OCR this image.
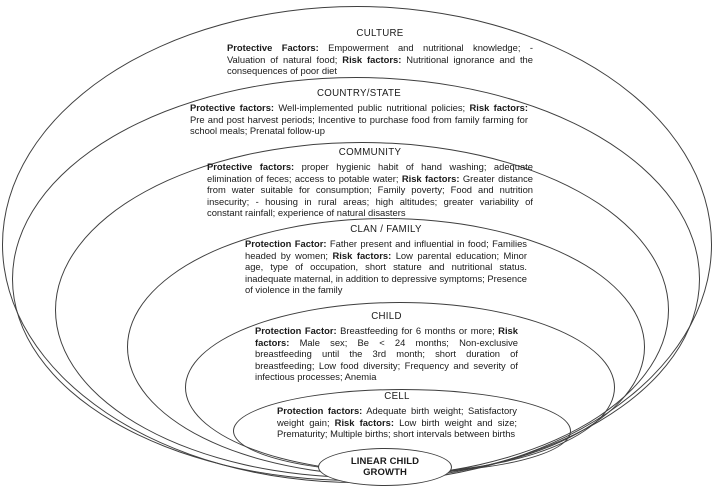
CULTURE
Protective Factors: Empowerment and nutritional knowledge; - Valuation of natural food; Risk factors: Nutritional ignorance and the consequences of poor diet
COUNTRY/STATE
Protective factors: Well-implemented public nutritional policies; Risk factors: Pre and post harvest periods; Incentive to purchase food from family farming for school meals; Prenatal follow-up
COMMUNITY
Protective factors: proper hygienic habit of hand washing; adequate elimination of feces; access to potable water; Risk factors: Greater distance from water suitable for consumption; Family poverty; Food and nutrition insecurity; - housing in rural areas; high altitudes; greater variability of constant rainfall; experience of natural disasters
CLAN / FAMILY
Protection Factor: Father present and influential in food; Families headed by women; Risk factors: Low parental education; Minor age, type of occupation, short stature and nutritional status. inadequate maternal, in addition to depressive symptoms; Presence of violence in the family
CHILD
Protection Factor: Breastfeeding for 6 months or more; Risk factors: Male sex; Be < 24 months; Non-exclusive breastfeeding until the 3rd month; short duration of breastfeeding; Low food diversity; Frequency and severity of infectious processes; Anemia
CELL
Protection factors: Adequate birth weight; Satisfactory weight gain; Risk factors: Low birth weight and size; Prematurity; Multiple births; short intervals between births
LINEAR CHILD GROWTH
